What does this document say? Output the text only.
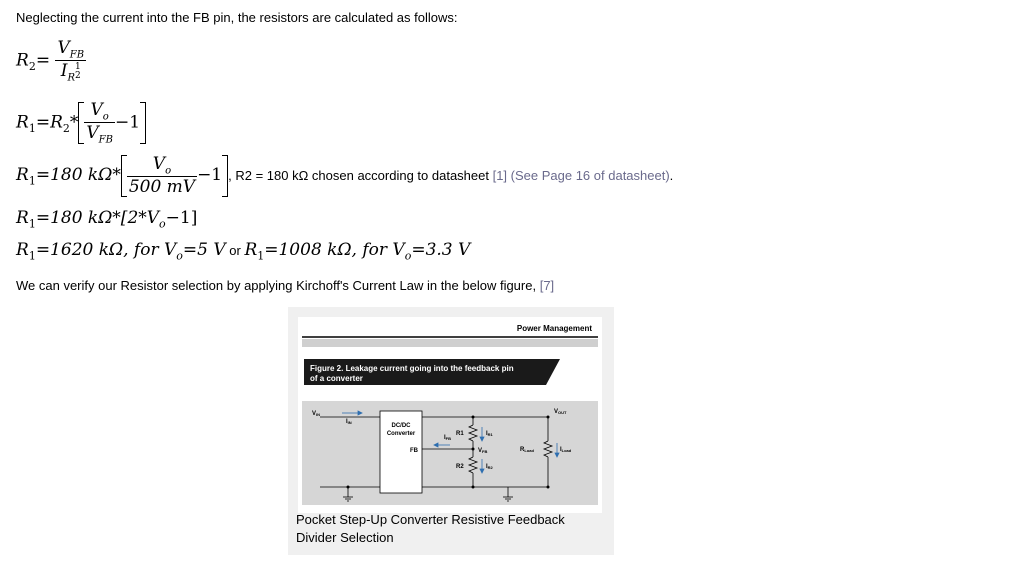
Neglecting the current into the FB pin, the resistors are calculated as follows:
$R_2= V_{FB}$
$I_R$
1
2
$R_1=R_2* \frac{V_o}{V_{FB}} -1$
$R_1=180$ $k\Omega* \frac{V_o}{500 mV} -1$ , R2 = 180 kΩ chosen according to datasheet [1] (See Page 16 of datasheet).
$R_1=180$ $k\Omega*[2*V_o-1]$
$R_1=1620$ kΩ, for $V_o=5$ V or $R_1=1008$ kΩ, for $V_o=3.3$ V
We can verify our Resistor selection by applying Kirchoff's Current Law in the below figure, [7]
Power Management
Figure 2. Leakage current going into the feedback pin
of a converter
DC/DC
Converter
FB
VIN
IIN
IFB
R1	IR1
VFB
R2	IR2
VOUT
RLoad	ILoad
Pocket Step-Up Converter Resistive Feedback Divider Selection
